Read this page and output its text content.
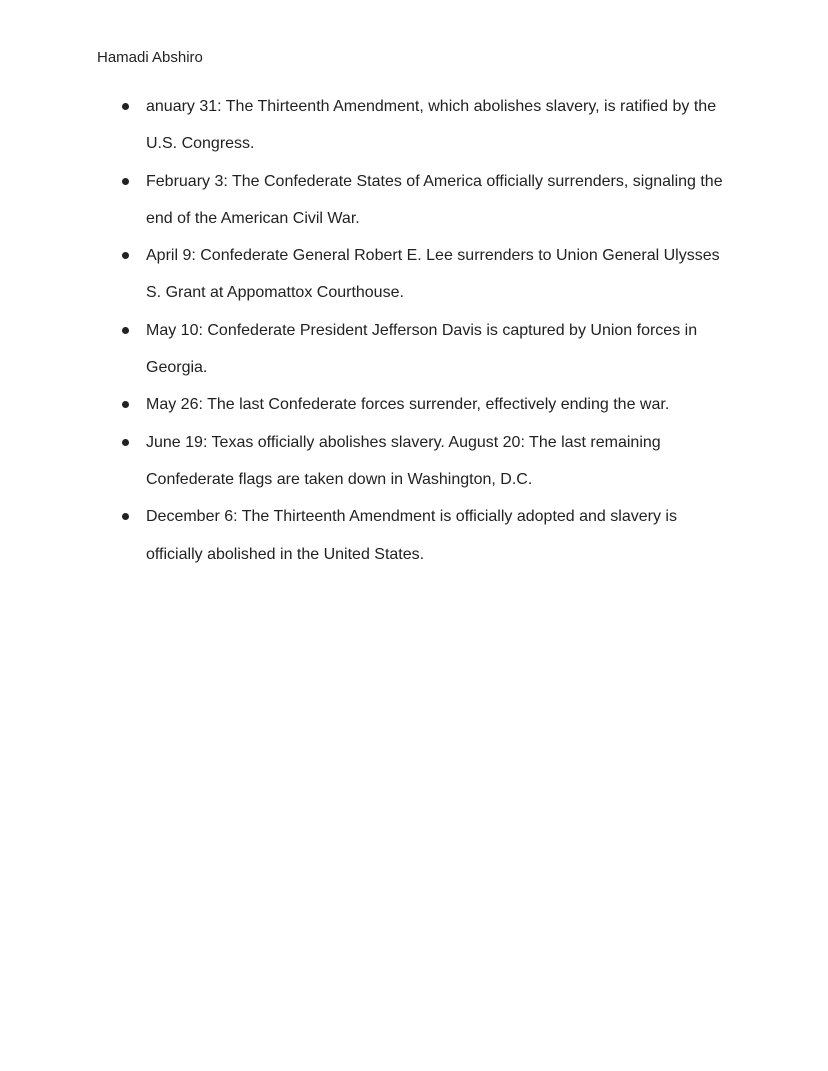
Hamadi Abshiro
anuary 31: The Thirteenth Amendment, which abolishes slavery, is ratified by the U.S. Congress.
February 3: The Confederate States of America officially surrenders, signaling the end of the American Civil War.
April 9: Confederate General Robert E. Lee surrenders to Union General Ulysses S. Grant at Appomattox Courthouse.
May 10: Confederate President Jefferson Davis is captured by Union forces in Georgia.
May 26: The last Confederate forces surrender, effectively ending the war.
June 19: Texas officially abolishes slavery. August 20: The last remaining Confederate flags are taken down in Washington, D.C.
December 6: The Thirteenth Amendment is officially adopted and slavery is officially abolished in the United States.
